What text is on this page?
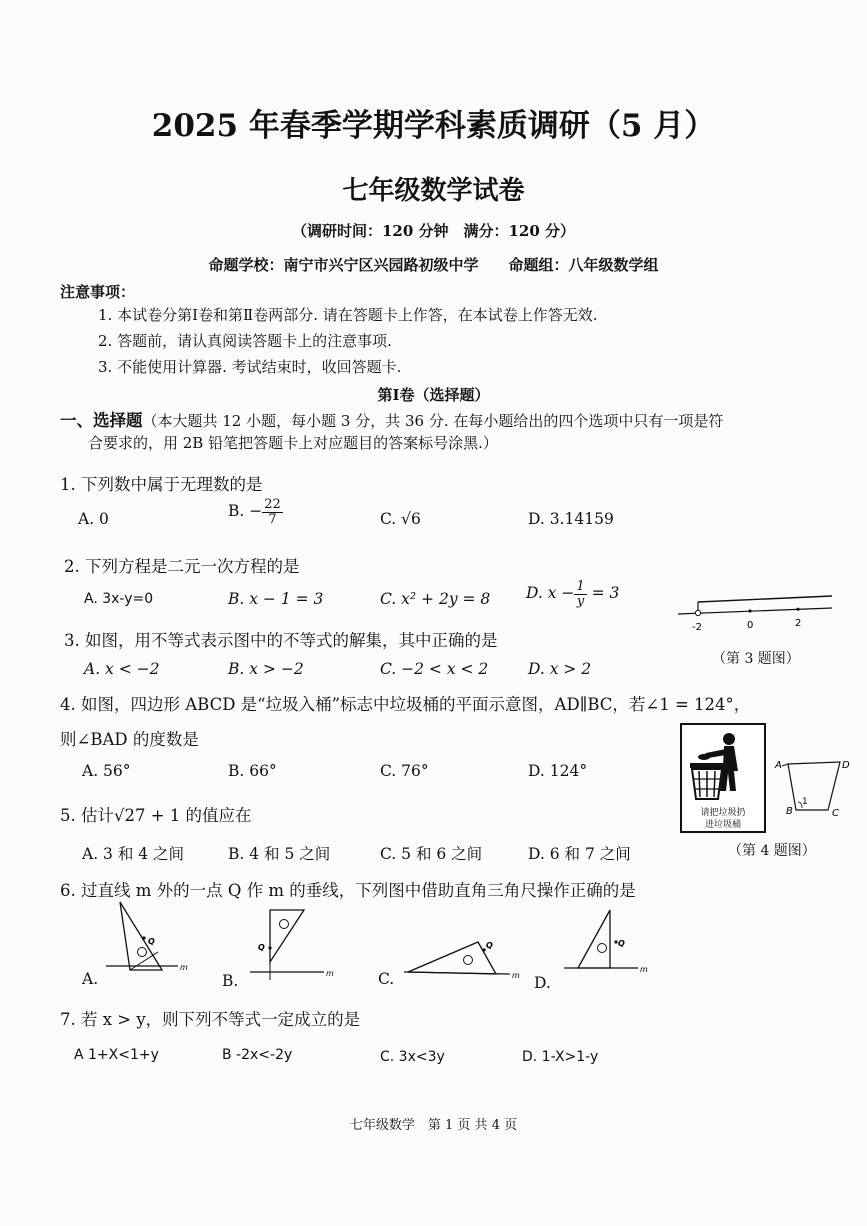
2025 年春季学期学科素质调研（5 月）
七年级数学试卷
（调研时间：120 分钟　满分：120 分）
命题学校：南宁市兴宁区兴园路初级中学　　命题组：八年级数学组
注意事项：
1. 本试卷分第Ⅰ卷和第Ⅱ卷两部分. 请在答题卡上作答，在本试卷上作答无效.
2. 答题前，请认真阅读答题卡上的注意事项.
3. 不能使用计算器. 考试结束时，收回答题卡.
第Ⅰ卷（选择题）
一、选择题（本大题共 12 小题，每小题 3 分，共 36 分. 在每小题给出的四个选项中只有一项是符
合要求的，用 2B 铅笔把答题卡上对应题目的答案标号涂黑.）
1. 下列数中属于无理数的是
A. 0	B. − $\frac{22}{7}$	C. √6	D. 3.14159
2. 下列方程是二元一次方程的是
A. 3x-y=0	B. x − 1 = 3	C. x² + 2y = 8 D. $x - \frac{1}{y} = 3$
-2	0	2
3. 如图，用不等式表示图中的不等式的解集，其中正确的是
（第 3 题图）
A. x < −2	B. x > −2	C. −2 < x < 2	D. x > 2
4. 如图，四边形 ABCD 是“垃圾入桶”标志中垃圾桶的平面示意图，AD∥BC，若∠1 = 124°，
则∠BAD 的度数是
A. 56°	B. 66°	C. 76°	D. 124°
请把垃圾扔
进垃圾桶
A	D
B	C
1
（第 4 题图）
5. 估计√27 + 1 的值应在
A. 3 和 4 之间	B. 4 和 5 之间	C. 5 和 6 之间	D. 6 和 7 之间
6. 过直线 m 外的一点 Q 作 m 的垂线，下列图中借助直角三角尺操作正确的是
Q
m
A.
Q
m
B.
Q
m
C.
Q
m
D.
7. 若 x > y，则下列不等式一定成立的是
A 1+X<1+y	B -2x<-2y	C. 3x<3y	D. 1-X>1-y
七年级数学　第 1 页 共 4 页
